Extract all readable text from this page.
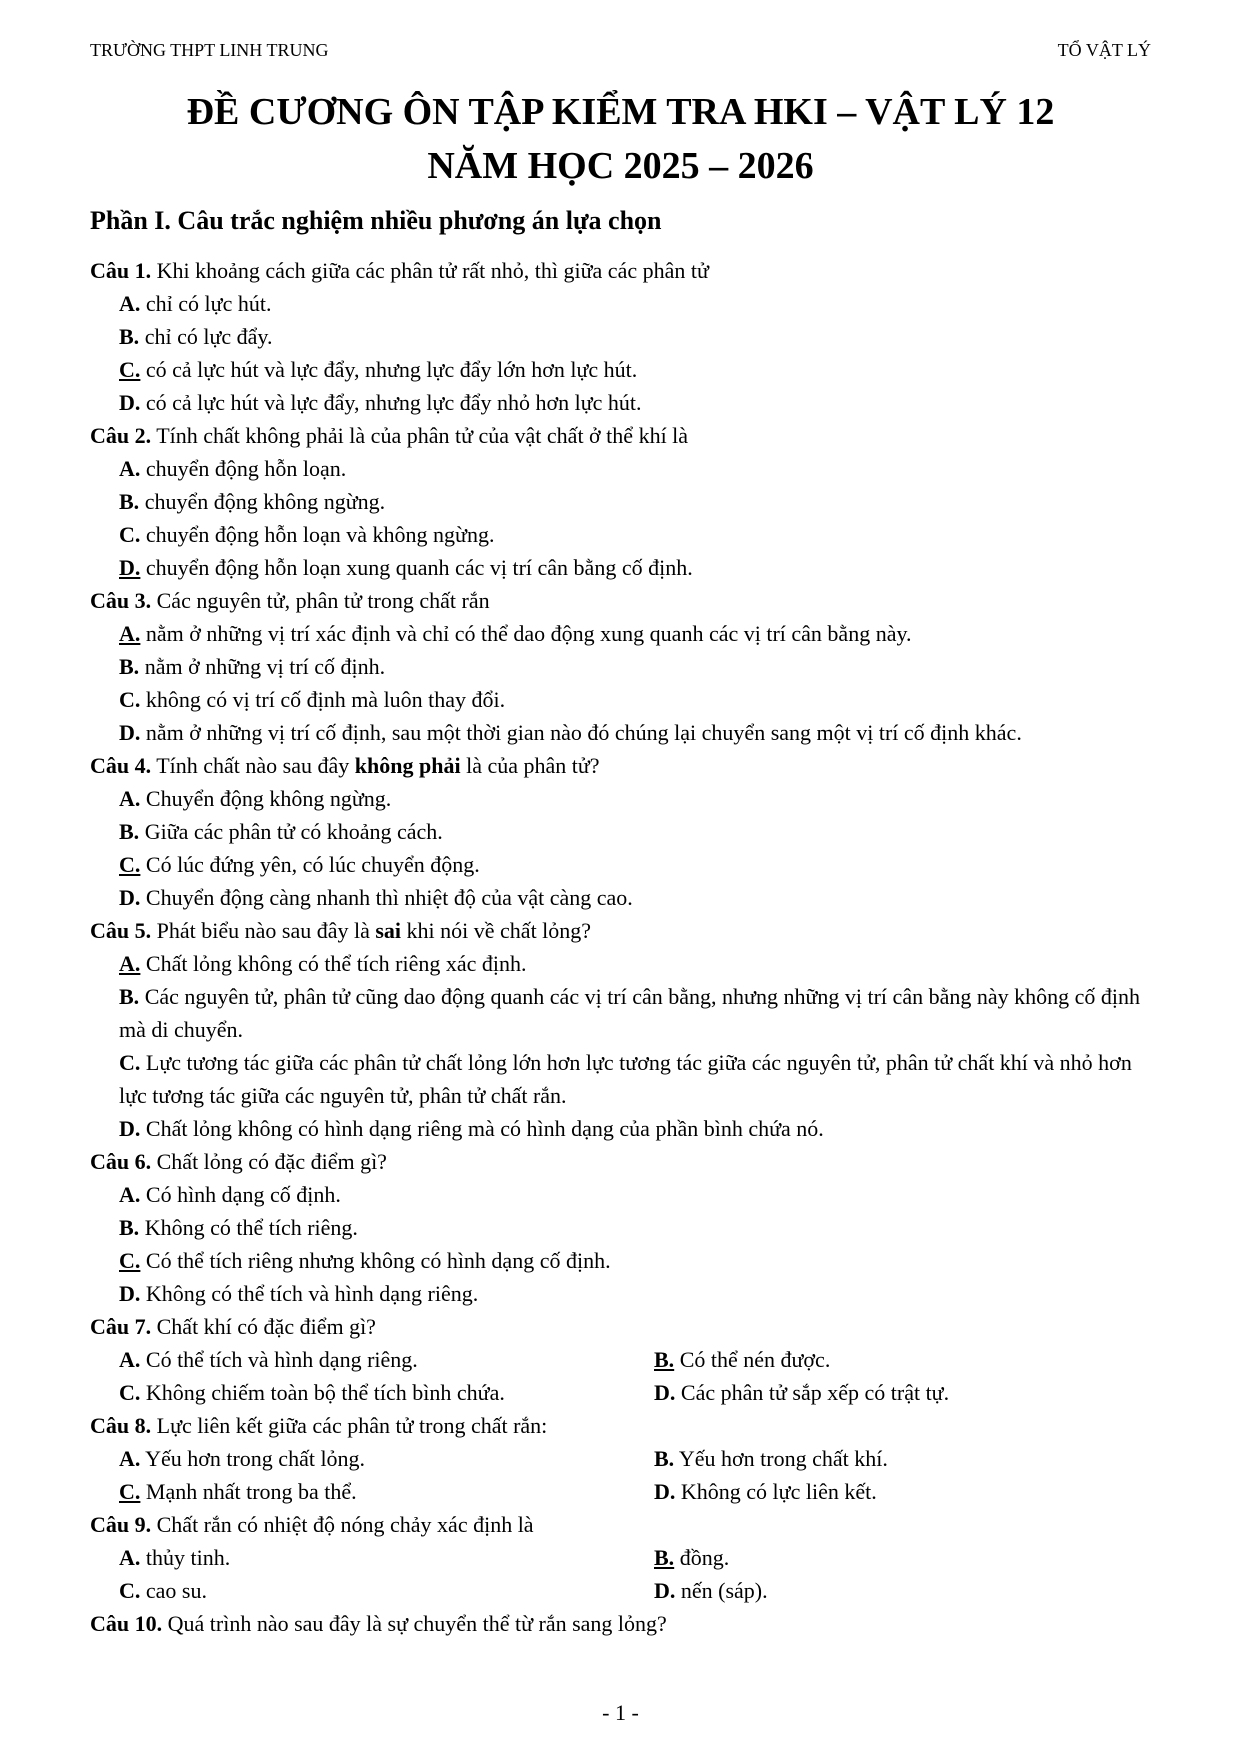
TRƯỜNG THPT LINH TRUNG	TỔ VẬT LÝ
ĐỀ CƯƠNG ÔN TẬP KIỂM TRA HKI – VẬT LÝ 12
NĂM HỌC 2025 – 2026
Phần I. Câu trắc nghiệm nhiều phương án lựa chọn

Câu 1. Khi khoảng cách giữa các phân tử rất nhỏ, thì giữa các phân tử

A. chỉ có lực hút.

B. chỉ có lực đẩy.

C. có cả lực hút và lực đẩy, nhưng lực đẩy lớn hơn lực hút.

D. có cả lực hút và lực đẩy, nhưng lực đẩy nhỏ hơn lực hút.

Câu 2. Tính chất không phải là của phân tử của vật chất ở thể khí là

A. chuyển động hỗn loạn.

B. chuyển động không ngừng.

C. chuyển động hỗn loạn và không ngừng.

D. chuyển động hỗn loạn xung quanh các vị trí cân bằng cố định.

Câu 3. Các nguyên tử, phân tử trong chất rắn

A. nằm ở những vị trí xác định và chỉ có thể dao động xung quanh các vị trí cân bằng này.

B. nằm ở những vị trí cố định.

C. không có vị trí cố định mà luôn thay đổi.

D. nằm ở những vị trí cố định, sau một thời gian nào đó chúng lại chuyển sang một vị trí cố định khác.

Câu 4. Tính chất nào sau đây không phải là của phân tử?

A. Chuyển động không ngừng.

B. Giữa các phân tử có khoảng cách.

C. Có lúc đứng yên, có lúc chuyển động.

D. Chuyển động càng nhanh thì nhiệt độ của vật càng cao.

Câu 5. Phát biểu nào sau đây là sai khi nói về chất lỏng?

A. Chất lỏng không có thể tích riêng xác định.

B. Các nguyên tử, phân tử cũng dao động quanh các vị trí cân bằng, nhưng những vị trí cân bằng này không cố định mà di chuyển.

C. Lực tương tác giữa các phân tử chất lỏng lớn hơn lực tương tác giữa các nguyên tử, phân tử chất khí và nhỏ hơn lực tương tác giữa các nguyên tử, phân tử chất rắn.

D. Chất lỏng không có hình dạng riêng mà có hình dạng của phần bình chứa nó.

Câu 6. Chất lỏng có đặc điểm gì?

A. Có hình dạng cố định.

B. Không có thể tích riêng.

C. Có thể tích riêng nhưng không có hình dạng cố định.

D. Không có thể tích và hình dạng riêng.

Câu 7. Chất khí có đặc điểm gì?

A. Có thể tích và hình dạng riêng.	B. Có thể nén được.
C. Không chiếm toàn bộ thể tích bình chứa.	D. Các phân tử sắp xếp có trật tự.

Câu 8. Lực liên kết giữa các phân tử trong chất rắn:

A. Yếu hơn trong chất lỏng.	B. Yếu hơn trong chất khí.
C. Mạnh nhất trong ba thể.	D. Không có lực liên kết.

Câu 9. Chất rắn có nhiệt độ nóng chảy xác định là

A. thủy tinh.	B. đồng.
C. cao su.	D. nến (sáp).

Câu 10. Quá trình nào sau đây là sự chuyển thể từ rắn sang lỏng?

- 1 -
